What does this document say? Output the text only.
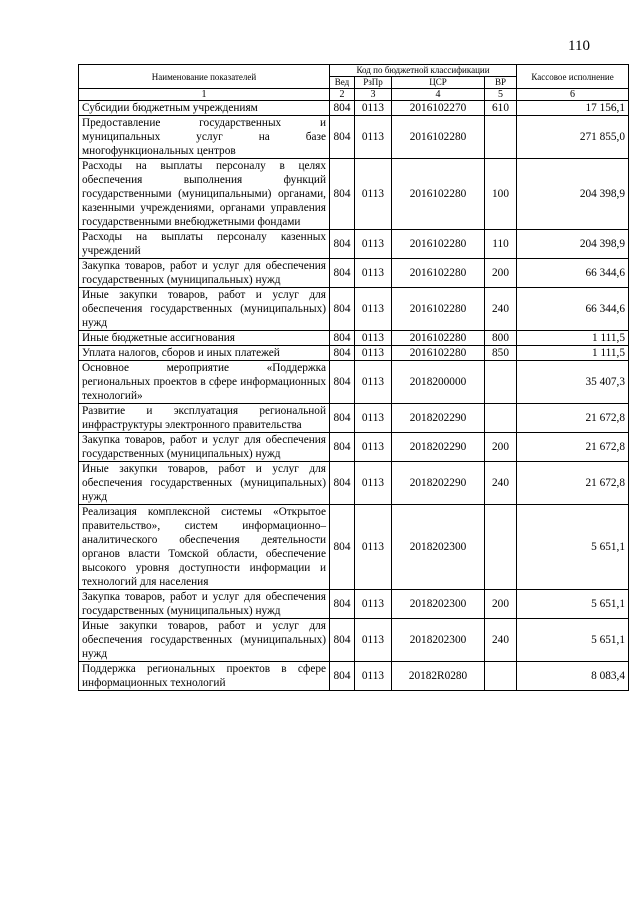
110
Наименование показателей	Код по бюджетной классификации				Кассовое исполнение
	Вед	РзПр	ЦСР	ВР	
1	2	3	4	5	6
Субсидии бюджетным учреждениям	804	0113	2016102270	610	17 156,1
Предоставление государственных и муниципальных услуг на базе многофункциональных центров	804	0113	2016102280		271 855,0
Расходы на выплаты персоналу в целях обеспечения выполнения функций государственными (муниципальными) органами, казенными учреждениями, органами управления государственными внебюджетными фондами	804	0113	2016102280	100	204 398,9
Расходы на выплаты персоналу казенных учреждений	804	0113	2016102280	110	204 398,9
Закупка товаров, работ и услуг для обеспечения государственных (муниципальных) нужд	804	0113	2016102280	200	66 344,6
Иные закупки товаров, работ и услуг для обеспечения государственных (муниципальных) нужд	804	0113	2016102280	240	66 344,6
Иные бюджетные ассигнования	804	0113	2016102280	800	1 111,5
Уплата налогов, сборов и иных платежей	804	0113	2016102280	850	1 111,5
Основное мероприятие «Поддержка региональных проектов в сфере информационных технологий»	804	0113	2018200000		35 407,3
Развитие и эксплуатация региональной инфраструктуры электронного правительства	804	0113	2018202290		21 672,8
Закупка товаров, работ и услуг для обеспечения государственных (муниципальных) нужд	804	0113	2018202290	200	21 672,8
Иные закупки товаров, работ и услуг для обеспечения государственных (муниципальных) нужд	804	0113	2018202290	240	21 672,8
Реализация комплексной системы «Открытое правительство», систем информационно–аналитического обеспечения деятельности органов власти Томской области, обеспечение высокого уровня доступности информации и технологий для населения	804	0113	2018202300		5 651,1
Закупка товаров, работ и услуг для обеспечения государственных (муниципальных) нужд	804	0113	2018202300	200	5 651,1
Иные закупки товаров, работ и услуг для обеспечения государственных (муниципальных) нужд	804	0113	2018202300	240	5 651,1
Поддержка региональных проектов в сфере информационных технологий	804	0113	20182R0280		8 083,4
